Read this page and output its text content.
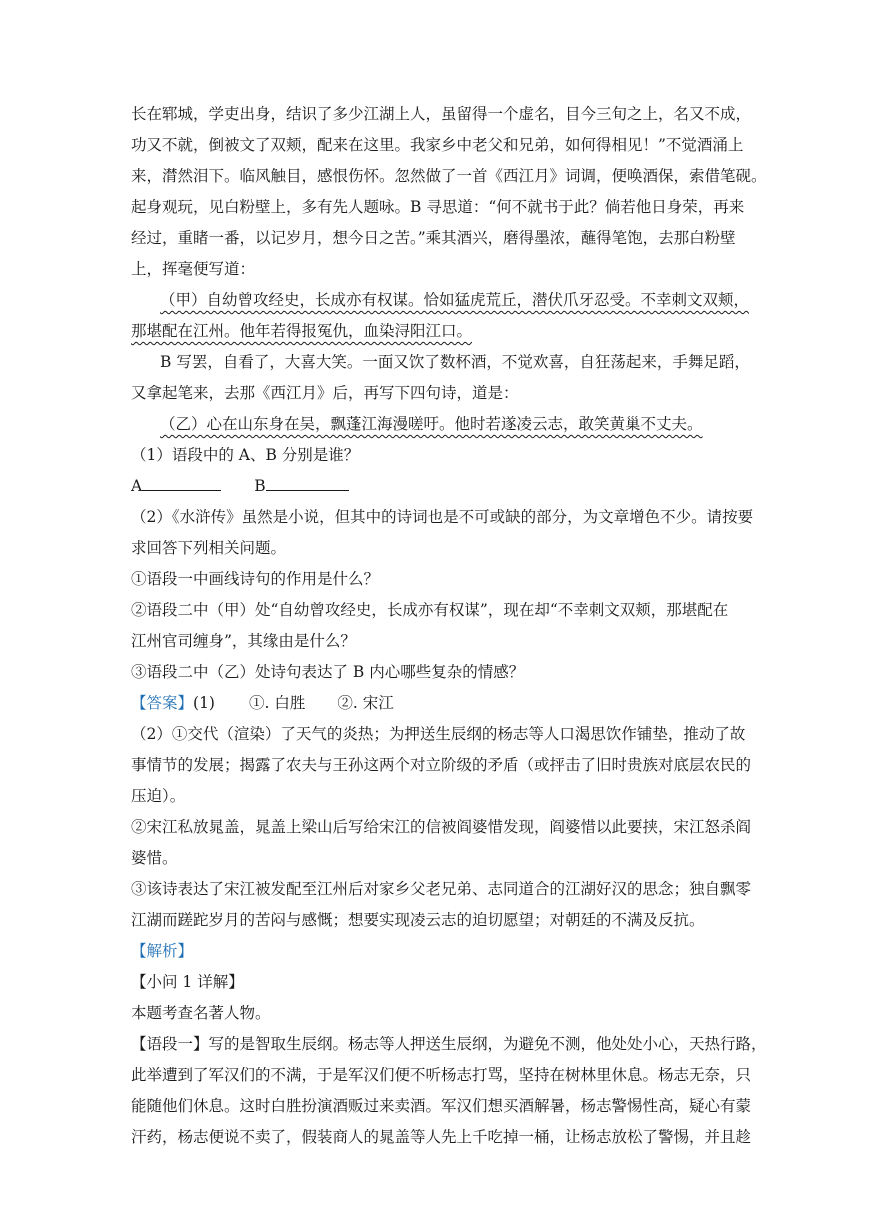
长在郓城，学吏出身，结识了多少江湖上人，虽留得一个虚名，目今三旬之上，名又不成，
功又不就，倒被文了双颊，配来在这里。我家乡中老父和兄弟，如何得相见！”不觉酒涌上
来，潸然泪下。临风触目，感恨伤怀。忽然做了一首《西江月》词调，便唤酒保，索借笔砚。
起身观玩，见白粉壁上，多有先人题咏。B 寻思道：“何不就书于此？倘若他日身荣，再来
经过，重睹一番，以记岁月，想今日之苦。”乘其酒兴，磨得墨浓，蘸得笔饱，去那白粉壁
上，挥毫便写道：
（甲）自幼曾攻经史，长成亦有权谋。恰如猛虎荒丘，潜伏爪牙忍受。不幸刺文双颊，
那堪配在江州。他年若得报冤仇，血染浔阳江口。
B 写罢，自看了，大喜大笑。一面又饮了数杯酒，不觉欢喜，自狂荡起来，手舞足蹈，
又拿起笔来，去那《西江月》后，再写下四句诗，道是：
（乙）心在山东身在吴，飘蓬江海漫嗟吁。他时若遂凌云志，敢笑黄巢不丈夫。
（1）语段中的 A、B 分别是谁？
A	B
（2）《水浒传》虽然是小说，但其中的诗词也是不可或缺的部分，为文章增色不少。请按要
求回答下列相关问题。
①语段一中画线诗句的作用是什么？
②语段二中（甲）处“自幼曾攻经史，长成亦有权谋”，现在却“不幸刺文双颊，那堪配在
江州官司缠身”，其缘由是什么？
③语段二中（乙）处诗句表达了 B 内心哪些复杂的情感？
【答案】(1) ①. 白胜 ②. 宋江
（2）①交代（渲染）了天气的炎热；为押送生辰纲的杨志等人口渴思饮作铺垫，推动了故
事情节的发展；揭露了农夫与王孙这两个对立阶级的矛盾（或抨击了旧时贵族对底层农民的
压迫）。
②宋江私放晁盖，晁盖上梁山后写给宋江的信被阎婆惜发现，阎婆惜以此要挟，宋江怒杀阎
婆惜。
③该诗表达了宋江被发配至江州后对家乡父老兄弟、志同道合的江湖好汉的思念；独自飘零
江湖而蹉跎岁月的苦闷与感慨；想要实现凌云志的迫切愿望；对朝廷的不满及反抗。
【解析】
【小问 1 详解】
本题考查名著人物。
【语段一】写的是智取生辰纲。杨志等人押送生辰纲，为避免不测，他处处小心，天热行路，
此举遭到了军汉们的不满，于是军汉们便不听杨志打骂，坚持在树林里休息。杨志无奈，只
能随他们休息。这时白胜扮演酒贩过来卖酒。军汉们想买酒解暑，杨志警惕性高，疑心有蒙
汗药，杨志便说不卖了，假装商人的晁盖等人先上千吃掉一桶，让杨志放松了警惕，并且趁
